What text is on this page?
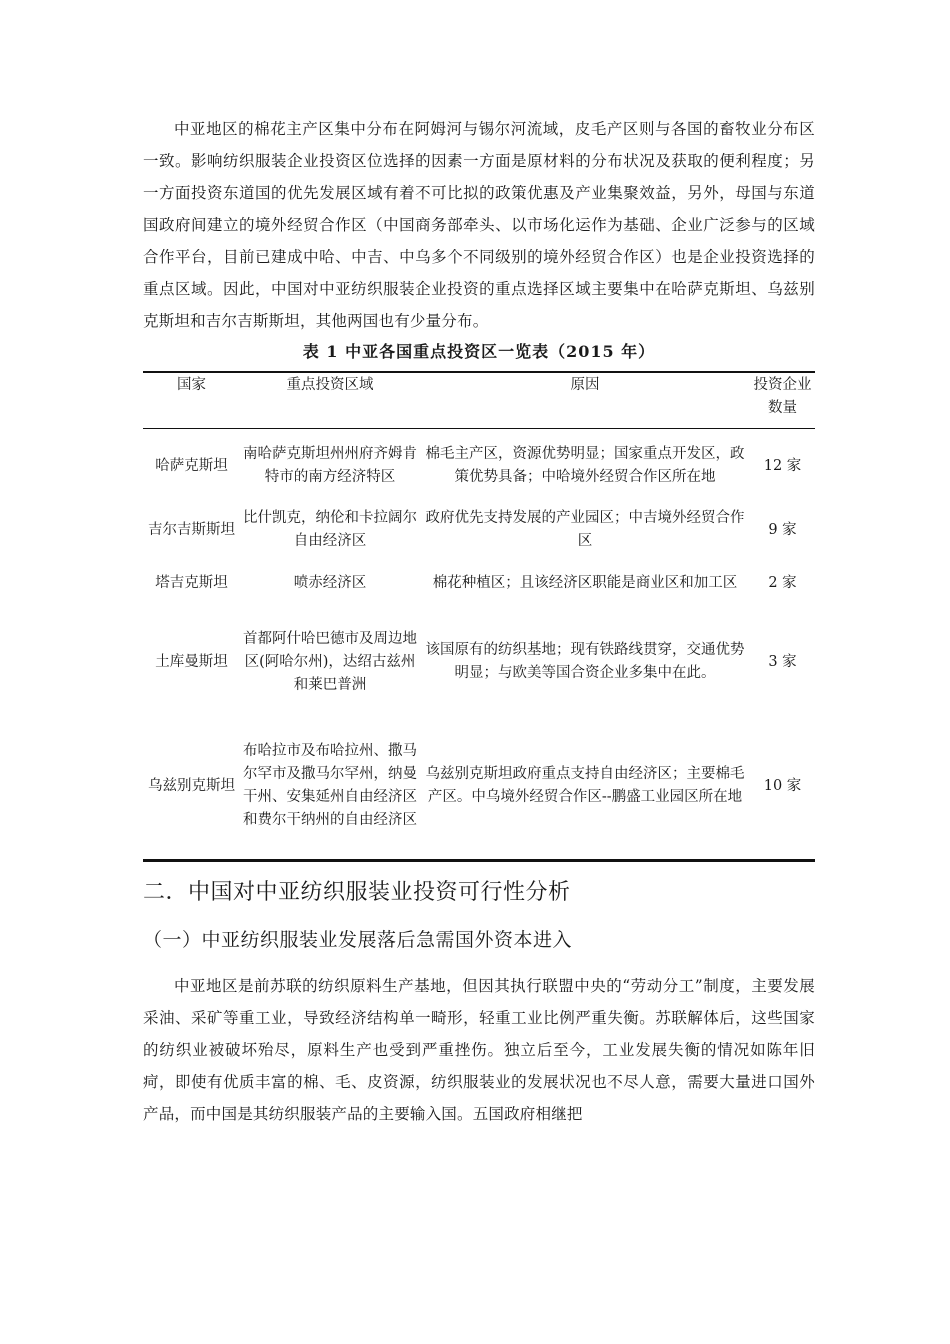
中亚地区的棉花主产区集中分布在阿姆河与锡尔河流域，皮毛产区则与各国的畜牧业分布区一致。影响纺织服装企业投资区位选择的因素一方面是原材料的分布状况及获取的便利程度；另一方面投资东道国的优先发展区域有着不可比拟的政策优惠及产业集聚效益，另外，母国与东道国政府间建立的境外经贸合作区（中国商务部牵头、以市场化运作为基础、企业广泛参与的区域合作平台，目前已建成中哈、中吉、中乌多个不同级别的境外经贸合作区）也是企业投资选择的重点区域。因此，中国对中亚纺织服装企业投资的重点选择区域主要集中在哈萨克斯坦、乌兹别克斯坦和吉尔吉斯斯坦，其他两国也有少量分布。

表 1 中亚各国重点投资区一览表（2015 年）

国家	重点投资区域	原因	投资企业数量
哈萨克斯坦	南哈萨克斯坦州州府齐姆肯特市的南方经济特区	棉毛主产区，资源优势明显；国家重点开发区，政策优势具备；中哈境外经贸合作区所在地	12 家
吉尔吉斯斯坦	比什凯克，纳伦和卡拉阔尔自由经济区	政府优先支持发展的产业园区；中吉境外经贸合作区	9 家
塔吉克斯坦	喷赤经济区	棉花种植区；且该经济区职能是商业区和加工区	2 家
土库曼斯坦	首都阿什哈巴德市及周边地区(阿哈尔州)，达绍古兹州和莱巴普洲	该国原有的纺织基地；现有铁路线贯穿，交通优势明显；与欧美等国合资企业多集中在此。	3 家
乌兹别克斯坦	布哈拉市及布哈拉州、撒马尔罕市及撒马尔罕州，纳曼干州、安集延州自由经济区和费尔干纳州的自由经济区	乌兹别克斯坦政府重点支持自由经济区；主要棉毛产区。中乌境外经贸合作区--鹏盛工业园区所在地	10 家
二．中国对中亚纺织服装业投资可行性分析
（一）中亚纺织服装业发展落后急需国外资本进入

中亚地区是前苏联的纺织原料生产基地，但因其执行联盟中央的“劳动分工”制度，主要发展采油、采矿等重工业，导致经济结构单一畸形，轻重工业比例严重失衡。苏联解体后，这些国家的纺织业被破坏殆尽，原料生产也受到严重挫伤。独立后至今，工业发展失衡的情况如陈年旧疴，即使有优质丰富的棉、毛、皮资源，纺织服装业的发展状况也不尽人意，需要大量进口国外产品，而中国是其纺织服装产品的主要输入国。五国政府相继把
